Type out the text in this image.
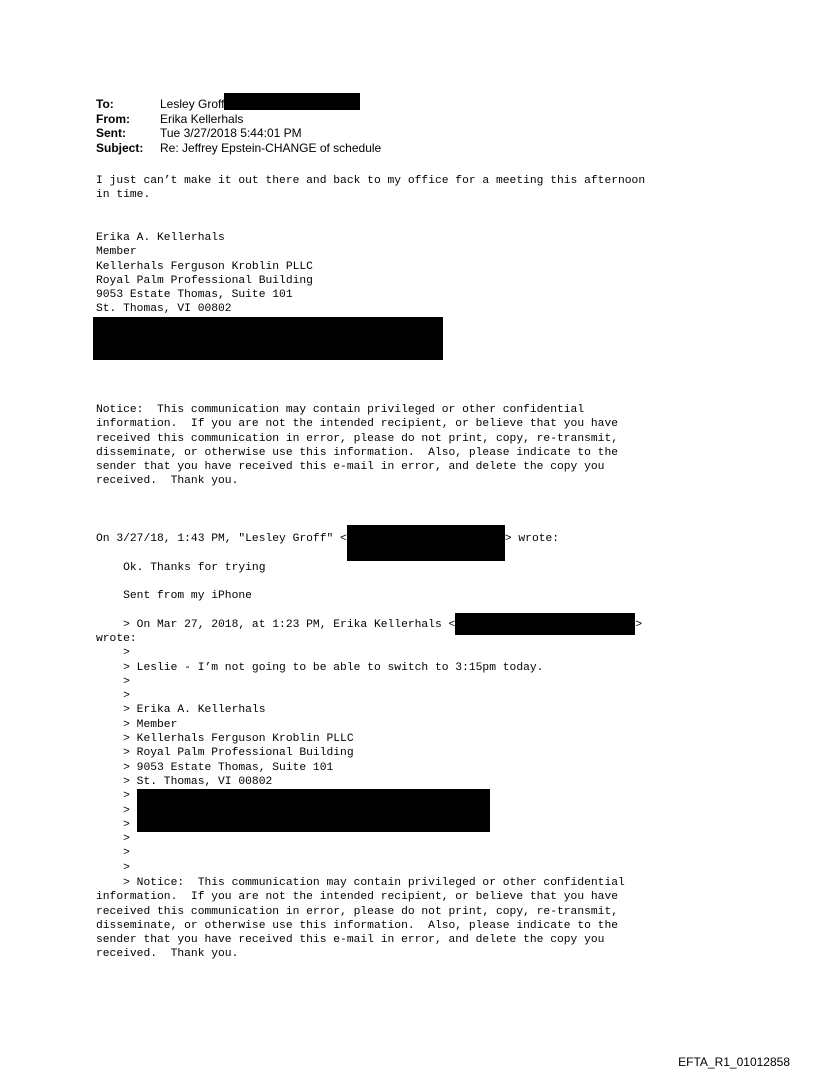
To:	Lesley Groff
From:	Erika Kellerhals
Sent:	Tue 3/27/2018 5:44:01 PM
Subject:	Re: Jeffrey Epstein-CHANGE of schedule
I just can’t make it out there and back to my office for a meeting this afternoon
in time.
Erika A. Kellerhals
Member
Kellerhals Ferguson Kroblin PLLC
Royal Palm Professional Building
9053 Estate Thomas, Suite 101
St. Thomas, VI 00802
Notice:  This communication may contain privileged or other confidential
information.  If you are not the intended recipient, or believe that you have
received this communication in error, please do not print, copy, re-transmit,
disseminate, or otherwise use this information.  Also, please indicate to the
sender that you have received this e-mail in error, and delete the copy you
received.  Thank you.
On 3/27/18, 1:43 PM, "Lesley Groff" <	> wrote:
Ok. Thanks for trying
Sent from my iPhone
> On Mar 27, 2018, at 1:23 PM, Erika Kellerhals <	>
wrote:
>
> Leslie - I’m not going to be able to switch to 3:15pm today.
>
>
> Erika A. Kellerhals
> Member
> Kellerhals Ferguson Kroblin PLLC
> Royal Palm Professional Building
> 9053 Estate Thomas, Suite 101
> St. Thomas, VI 00802
>
>
>
>
>
>
> Notice:  This communication may contain privileged or other confidential
information.  If you are not the intended recipient, or believe that you have
received this communication in error, please do not print, copy, re-transmit,
disseminate, or otherwise use this information.  Also, please indicate to the
sender that you have received this e-mail in error, and delete the copy you
received.  Thank you.
EFTA_R1_01012858
